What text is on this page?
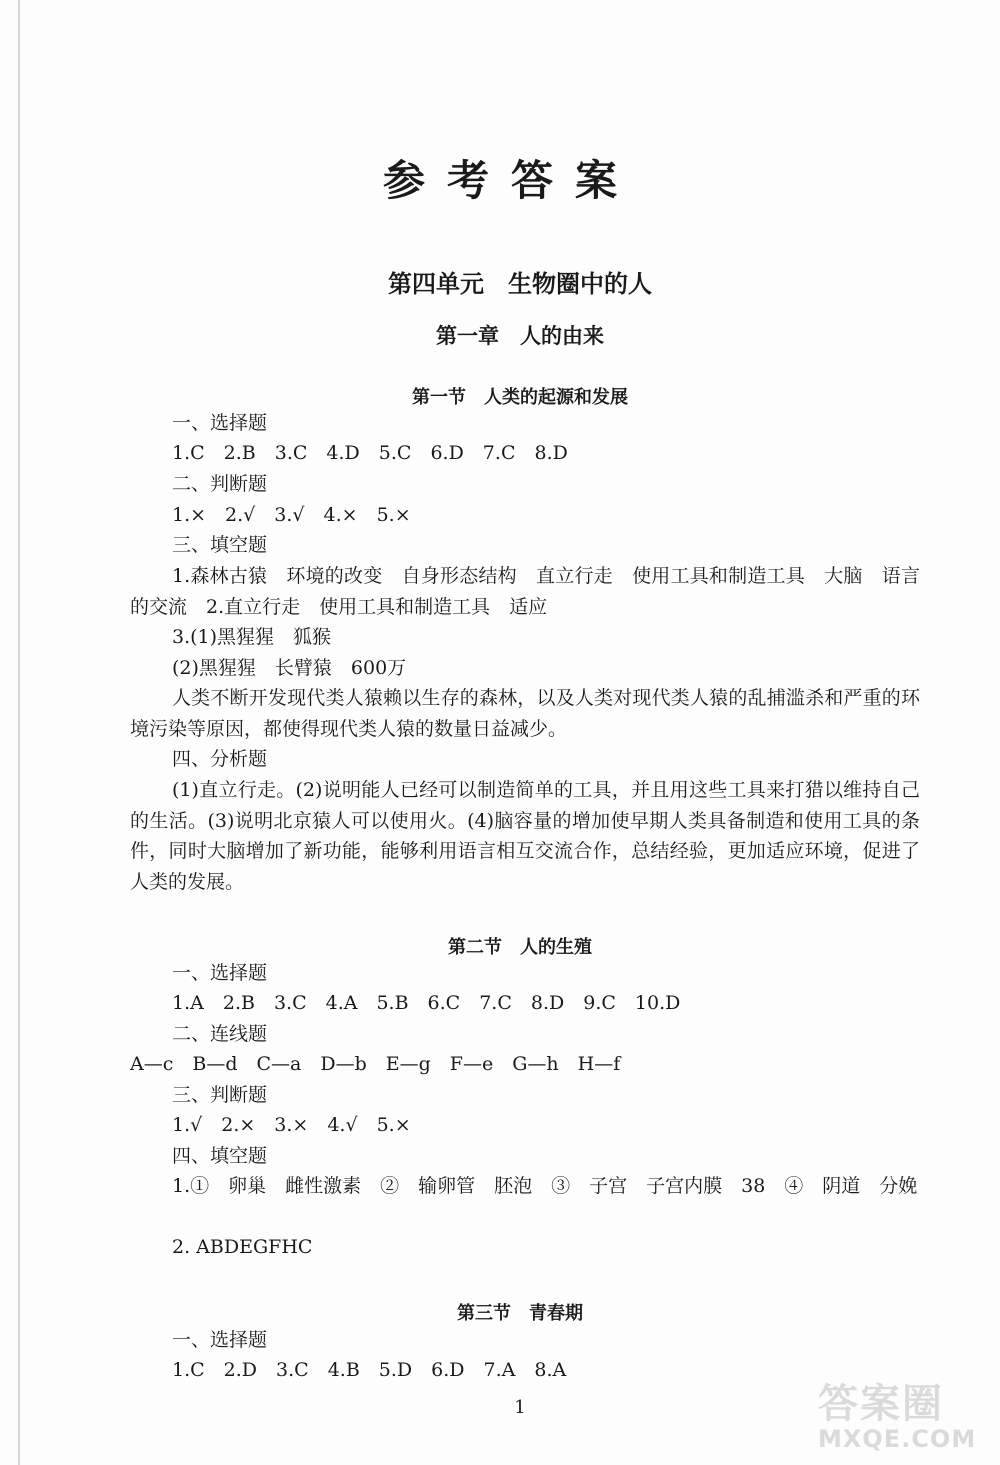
参考答案
第四单元　生物圈中的人
第一章　人的由来
第一节　人类的起源和发展
一、选择题
1.C　2.B　3.C　4.D　5.C　6.D　7.C　8.D
二、判断题
1.×　2.√　3.√　4.×　5.×
三、填空题
1.森林古猿　环境的改变　自身形态结构　直立行走　使用工具和制造工具　大脑　语言的交流　2.直立行走　使用工具和制造工具　适应
3.(1)黑猩猩　狐猴
(2)黑猩猩　长臂猿　600万
人类不断开发现代类人猿赖以生存的森林，以及人类对现代类人猿的乱捕滥杀和严重的环境污染等原因，都使得现代类人猿的数量日益减少。
四、分析题
(1)直立行走。(2)说明能人已经可以制造简单的工具，并且用这些工具来打猎以维持自己的生活。(3)说明北京猿人可以使用火。(4)脑容量的增加使早期人类具备制造和使用工具的条件，同时大脑增加了新功能，能够利用语言相互交流合作，总结经验，更加适应环境，促进了人类的发展。
第二节　人的生殖
一、选择题
1.A　2.B　3.C　4.A　5.B　6.C　7.C　8.D　9.C　10.D
二、连线题
A—c　B—d　C—a　D—b　E—g　F—e　G—h　H—f
三、判断题
1.√　2.×　3.×　4.√　5.×
四、填空题
1.①　卵巢　雌性激素　②　输卵管　胚泡　③　子宫　子宫内膜　38　④　阴道　分娩
2. ABDEGFHC
第三节　青春期
一、选择题
1.C　2.D　3.C　4.B　5.D　6.D　7.A　8.A
1	答案圈
MXQE.COM
